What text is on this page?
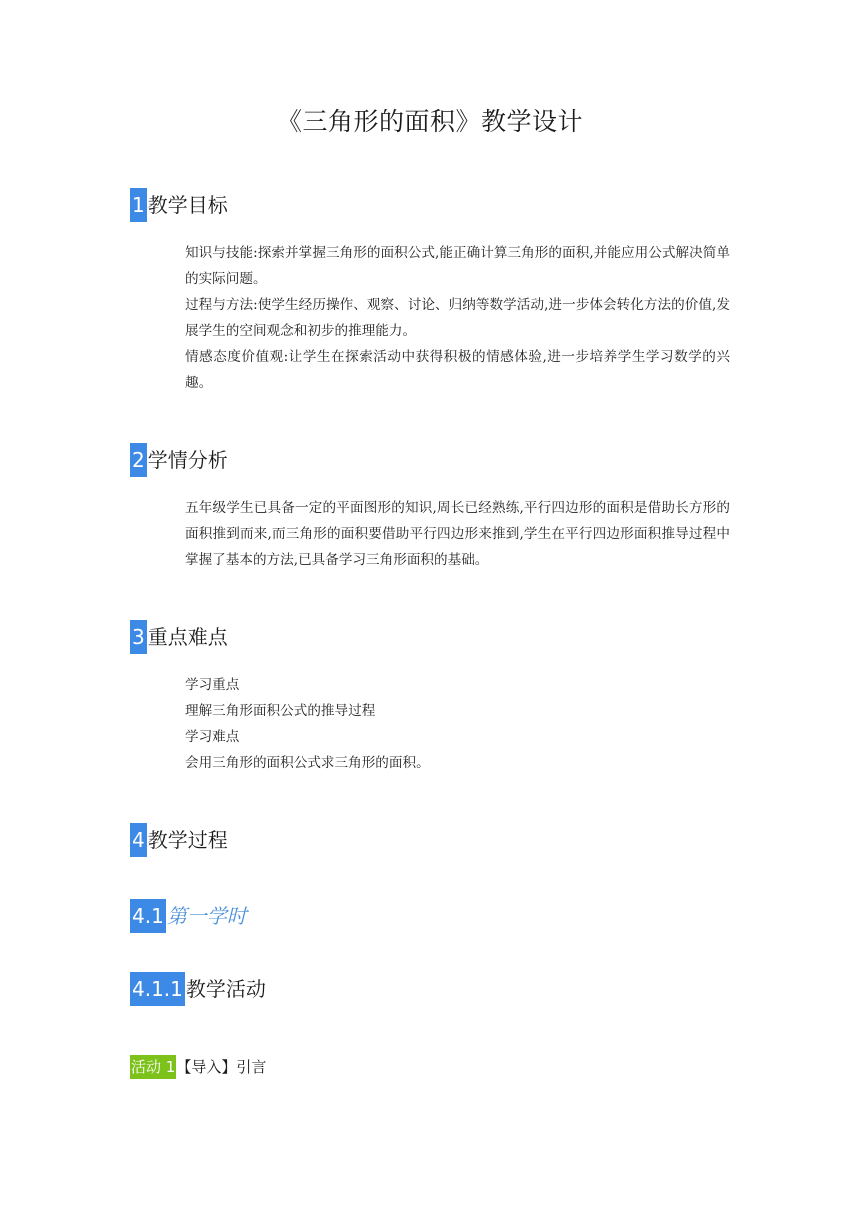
《三角形的面积》教学设计
1 教学目标
知识与技能:探索并掌握三角形的面积公式,能正确计算三角形的面积,并能应用公式解决简单的实际问题。
过程与方法:使学生经历操作、观察、讨论、归纳等数学活动,进一步体会转化方法的价值,发展学生的空间观念和初步的推理能力。
情感态度价值观:让学生在探索活动中获得积极的情感体验,进一步培养学生学习数学的兴趣。
2 学情分析
五年级学生已具备一定的平面图形的知识,周长已经熟练,平行四边形的面积是借助长方形的面积推到而来,而三角形的面积要借助平行四边形来推到,学生在平行四边形面积推导过程中掌握了基本的方法,已具备学习三角形面积的基础。
3 重点难点
学习重点
理解三角形面积公式的推导过程
学习难点
会用三角形的面积公式求三角形的面积。
4 教学过程
4.1 第一学时
4.1.1 教学活动
活动 1 【导入】引言
